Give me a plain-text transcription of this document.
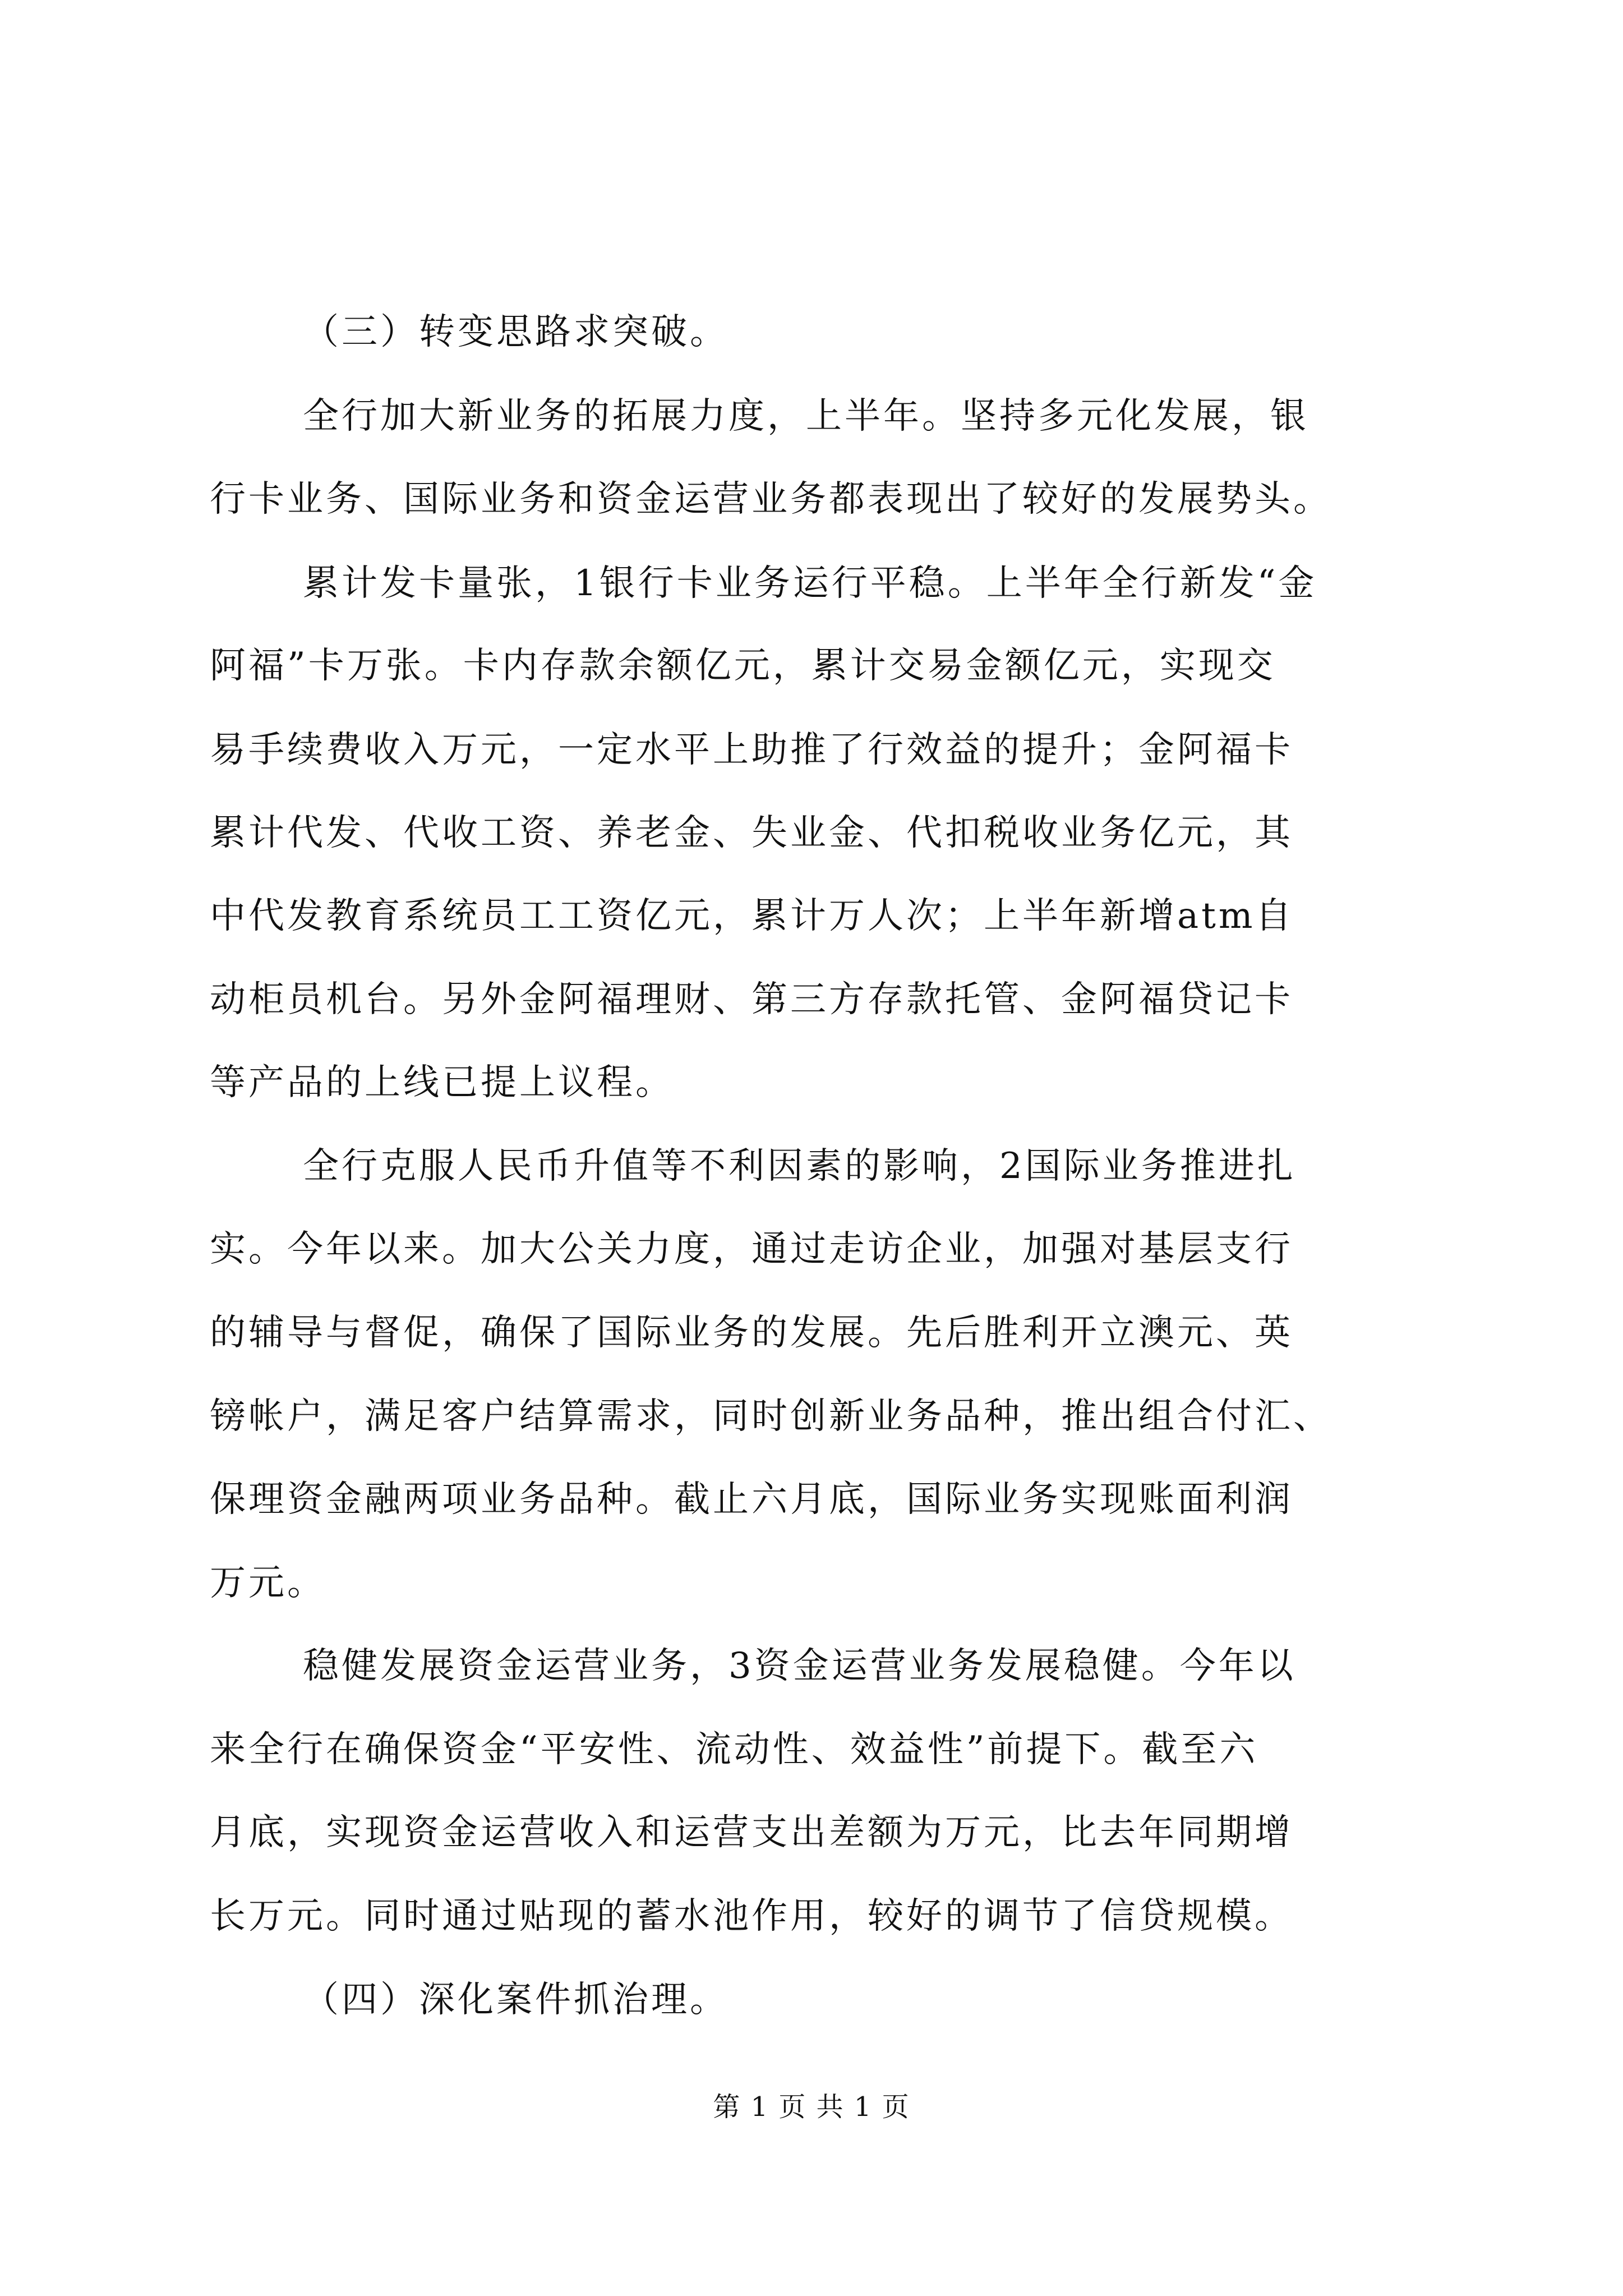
（三）转变思路求突破。
全行加大新业务的拓展力度，上半年。坚持多元化发展，银
行卡业务、国际业务和资金运营业务都表现出了较好的发展势头。
累计发卡量张，1银行卡业务运行平稳。上半年全行新发“金
阿福”卡万张。卡内存款余额亿元，累计交易金额亿元，实现交
易手续费收入万元，一定水平上助推了行效益的提升；金阿福卡
累计代发、代收工资、养老金、失业金、代扣税收业务亿元，其
中代发教育系统员工工资亿元，累计万人次；上半年新增atm自
动柜员机台。另外金阿福理财、第三方存款托管、金阿福贷记卡
等产品的上线已提上议程。
全行克服人民币升值等不利因素的影响，2国际业务推进扎
实。今年以来。加大公关力度，通过走访企业，加强对基层支行
的辅导与督促，确保了国际业务的发展。先后胜利开立澳元、英
镑帐户，满足客户结算需求，同时创新业务品种，推出组合付汇、
保理资金融两项业务品种。截止六月底，国际业务实现账面利润
万元。
稳健发展资金运营业务，3资金运营业务发展稳健。今年以
来全行在确保资金“平安性、流动性、效益性”前提下。截至六
月底，实现资金运营收入和运营支出差额为万元，比去年同期增
长万元。同时通过贴现的蓄水池作用，较好的调节了信贷规模。
（四）深化案件抓治理。
第 1 页 共 1 页
